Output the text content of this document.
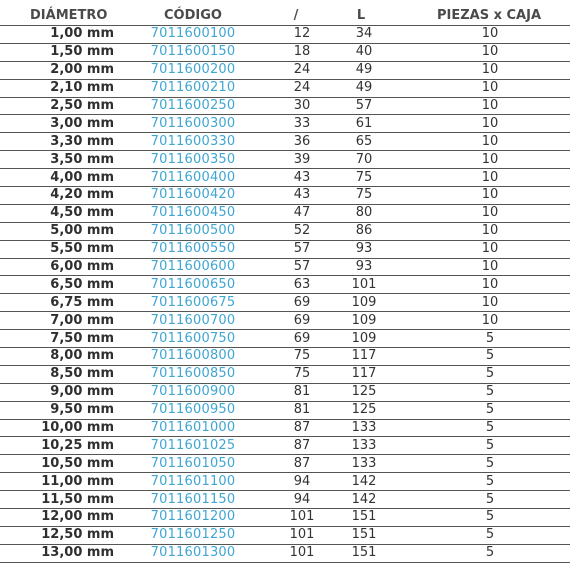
DIÁMETRO	CÓDIGO	/	L	PIEZAS x CAJA
1,00 mm	7011600100	12	34	10
1,50 mm	7011600150	18	40	10
2,00 mm	7011600200	24	49	10
2,10 mm	7011600210	24	49	10
2,50 mm	7011600250	30	57	10
3,00 mm	7011600300	33	61	10
3,30 mm	7011600330	36	65	10
3,50 mm	7011600350	39	70	10
4,00 mm	7011600400	43	75	10
4,20 mm	7011600420	43	75	10
4,50 mm	7011600450	47	80	10
5,00 mm	7011600500	52	86	10
5,50 mm	7011600550	57	93	10
6,00 mm	7011600600	57	93	10
6,50 mm	7011600650	63	101	10
6,75 mm	7011600675	69	109	10
7,00 mm	7011600700	69	109	10
7,50 mm	7011600750	69	109	5
8,00 mm	7011600800	75	117	5
8,50 mm	7011600850	75	117	5
9,00 mm	7011600900	81	125	5
9,50 mm	7011600950	81	125	5
10,00 mm	7011601000	87	133	5
10,25 mm	7011601025	87	133	5
10,50 mm	7011601050	87	133	5
11,00 mm	7011601100	94	142	5
11,50 mm	7011601150	94	142	5
12,00 mm	7011601200	101	151	5
12,50 mm	7011601250	101	151	5
13,00 mm	7011601300	101	151	5
